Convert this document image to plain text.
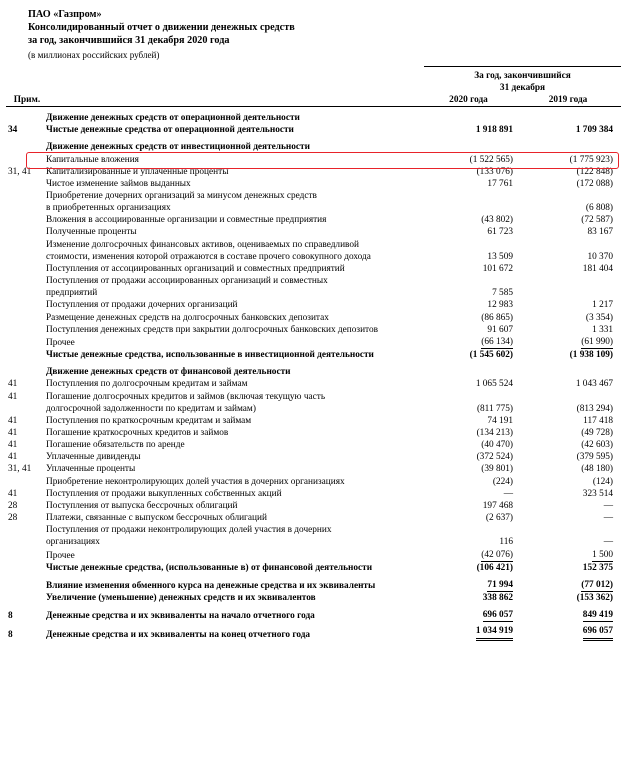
ПАО «Газпром»
Консолидированный отчет о движении денежных средств
за год, закончившийся 31 декабря 2020 года
(в миллионах российских рублей)
		За год, закончившийся	
		31 декабря	
Прим.		2020 года	2019 года

	Движение денежных средств от операционной деятельности		
34	Чистые денежные средства от операционной деятельности	1 918 891	1 709 384

	Движение денежных средств от инвестиционной деятельности		
	Капитальные вложения	(1 522 565)	(1 775 923)
31, 41	Капитализированные и уплаченные проценты	(133 076)	(122 848)
	Чистое изменение займов выданных	17 761	(172 088)
	Приобретение дочерних организаций за минусом денежных средств		
	в приобретенных организациях		(6 808)
	Вложения в ассоциированные организации и совместные предприятия	(43 802)	(72 587)
	Полученные проценты	61 723	83 167
	Изменение долгосрочных финансовых активов, оцениваемых по справедливой		
	стоимости, изменения которой отражаются в составе прочего совокупного дохода	13 509	10 370
	Поступления от ассоциированных организаций и совместных предприятий	101 672	181 404
	Поступления от продажи ассоциированных организаций и совместных		
	предприятий	7 585	
	Поступления от продажи дочерних организаций	12 983	1 217
	Размещение денежных средств на долгосрочных банковских депозитах	(86 865)	(3 354)
	Поступления денежных средств при закрытии долгосрочных банковских депозитов	91 607	1 331
	Прочее	(66 134)	(61 990)
	Чистые денежные средства, использованные в инвестиционной деятельности	(1 545 602)	(1 938 109)

	Движение денежных средств от финансовой деятельности		
41	Поступления по долгосрочным кредитам и займам	1 065 524	1 043 467
41	Погашение долгосрочных кредитов и займов (включая текущую часть		
	долгосрочной задолженности по кредитам и займам)	(811 775)	(813 294)
41	Поступления по краткосрочным кредитам и займам	74 191	117 418
41	Погашение краткосрочных кредитов и займов	(134 213)	(49 728)
41	Погашение обязательств по аренде	(40 470)	(42 603)
41	Уплаченные дивиденды	(372 524)	(379 595)
31, 41	Уплаченные проценты	(39 801)	(48 180)
	Приобретение неконтролирующих долей участия в дочерних организациях	(224)	(124)
41	Поступления от продажи выкупленных собственных акций	—	323 514
28	Поступления от выпуска бессрочных облигаций	197 468	—
28	Платежи, связанные с выпуском бессрочных облигаций	(2 637)	—
	Поступления от продажи неконтролирующих долей участия в дочерних		
	организациях	116	—
	Прочее	(42 076)	1 500
	Чистые денежные средства, (использованные в) от финансовой деятельности	(106 421)	152 375

	Влияние изменения обменного курса на денежные средства и их эквиваленты	71 994	(77 012)
	Увеличение (уменьшение) денежных средств и их эквивалентов	338 862	(153 362)

8	Денежные средства и их эквиваленты на начало отчетного года	696 057	849 419

8	Денежные средства и их эквиваленты на конец отчетного года	1 034 919	696 057
